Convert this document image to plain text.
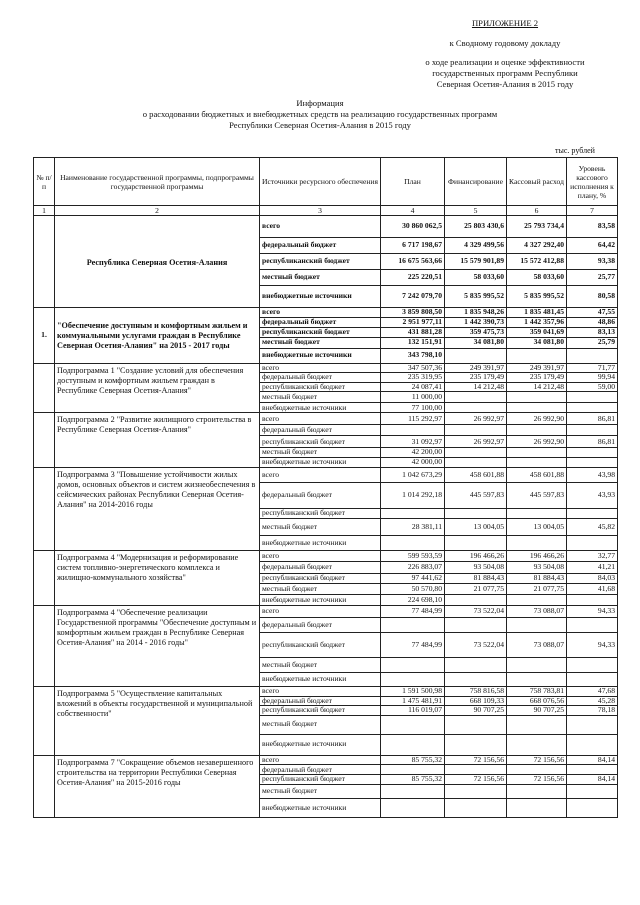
ПРИЛОЖЕНИЕ 2
к Сводному годовому докладу
о ходе реализации и оценке эффективности
государственных программ Республики
Северная Осетия-Алания в 2015 году
Информация
о расходовании бюджетных и внебюджетных средств на реализацию государственных программ
Республики Северная Осетия-Алания в 2015 году
тыс. рублей
№ п/п	Наименование государственной программы, подпрограммы государственной программы	Источники ресурсного обеспечения	План	Финансирование	Кассовый расход	Уровень кассового исполнения к плану, %
1	2	3	4	5	6	7
	Республика Северная Осетия-Алания	всего	30 860 062,5	25 803 430,6	25 793 734,4	83,58
		федеральный бюджет	6 717 198,67	4 329 499,56	4 327 292,40	64,42
		республиканский бюджет	16 675 563,66	15 579 901,89	15 572 412,88	93,38
		местный бюджет	225 220,51	58 033,60	58 033,60	25,77
		внебюджетные источники	7 242 079,70	5 835 995,52	5 835 995,52	80,58
1.	"Обеспечение доступным и комфортным жильем и коммунальными услугами граждан в Республике Северная Осетия-Алания" на 2015 - 2017 годы	всего	3 859 808,50	1 835 948,26	1 835 481,45	47,55
		федеральный бюджет	2 951 977,11	1 442 390,73	1 442 357,96	48,86
		республиканский бюджет	431 881,28	359 475,73	359 041,69	83,13
		местный бюджет	132 151,91	34 081,80	34 081,80	25,79
		внебюджетные источники	343 798,10			
	Подпрограмма 1 "Создание условий для обеспечения доступным и комфортным жильем граждан в Республике Северная Осетия-Алания"	всего	347 507,36	249 391,97	249 391,97	71,77
		федеральный бюджет	235 319,95	235 179,49	235 179,49	99,94
		республиканский бюджет	24 087,41	14 212,48	14 212,48	59,00
		местный бюджет	11 000,00			
		внебюджетные источники	77 100,00			
	Подпрограмма 2 "Развитие жилищного строительства в Республике Северная Осетия-Алания"	всего	115 292,97	26 992,97	26 992,90	86,81
		федеральный бюджет				
		республиканский бюджет	31 092,97	26 992,97	26 992,90	86,81
		местный бюджет	42 200,00			
		внебюджетные источники	42 000,00			
	Подпрограмма 3 "Повышение устойчивости жилых домов, основных объектов и систем жизнеобеспечения в сейсмических районах Республики Северная Осетия-Алания" на 2014-2016 годы	всего	1 042 673,29	458 601,88	458 601,88	43,98
		федеральный бюджет	1 014 292,18	445 597,83	445 597,83	43,93
		республиканский бюджет				
		местный бюджет	28 381,11	13 004,05	13 004,05	45,82
		внебюджетные источники				
	Подпрограмма 4 "Модернизация и реформирование систем топливно-энергетического комплекса и жилищно-коммунального хозяйства"	всего	599 593,59	196 466,26	196 466,26	32,77
		федеральный бюджет	226 883,07	93 504,08	93 504,08	41,21
		республиканский бюджет	97 441,62	81 884,43	81 884,43	84,03
		местный бюджет	50 570,80	21 077,75	21 077,75	41,68
		внебюджетные источники	224 698,10			
	Подпрограмма 4 "Обеспечение реализации Государственной программы "Обеспечение доступным и комфортным жильем граждан в Республике Северная Осетия-Алания" на 2014 - 2016 годы"	всего	77 484,99	73 522,04	73 088,07	94,33
		федеральный бюджет				
		республиканский бюджет	77 484,99	73 522,04	73 088,07	94,33
		местный бюджет				
		внебюджетные источники				
	Подпрограмма 5 "Осуществление капитальных вложений в объекты государственной и муниципальной собственности"	всего	1 591 500,98	758 816,58	758 783,81	47,68
		федеральный бюджет	1 475 481,91	668 109,33	668 076,56	45,28
		республиканский бюджет	116 019,07	90 707,25	90 707,25	78,18
		местный бюджет				
		внебюджетные источники				
	Подпрограмма 7 "Сокращение объемов незавершенного строительства на территории Республики Северная Осетия-Алания" на 2015-2016 годы	всего	85 755,32	72 156,56	72 156,56	84,14
		федеральный бюджет				
		республиканский бюджет	85 755,32	72 156,56	72 156,56	84,14
		местный бюджет				
		внебюджетные источники				
